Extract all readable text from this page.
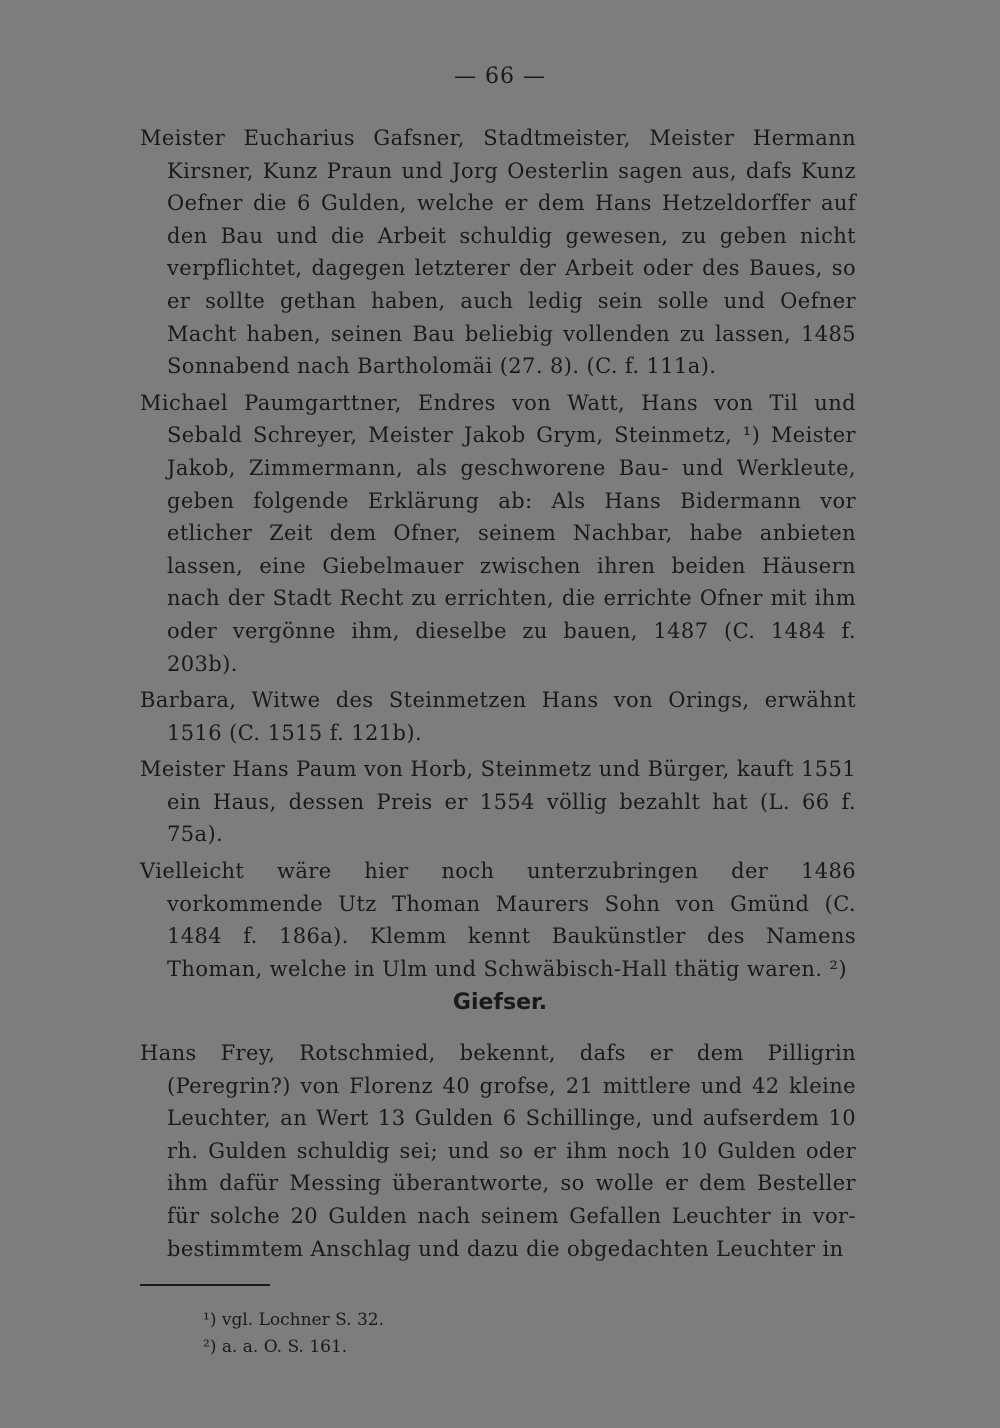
— 66 —

Meister Eucharius Gafsner, Stadtmeister, Meister Hermann Kirsner, Kunz Praun und Jorg Oesterlin sagen aus, dafs Kunz Oefner die 6 Gulden, welche er dem Hans Hetzeldorffer auf den Bau und die Arbeit schuldig gewesen, zu geben nicht verpflichtet, dagegen letzterer der Arbeit oder des Baues, so er sollte gethan haben, auch ledig sein solle und Oefner Macht haben, seinen Bau beliebig vollenden zu lassen, 1485 Sonnabend nach Bartholomäi (27. 8). (C. f. 111a).

Michael Paumgarttner, Endres von Watt, Hans von Til und Sebald Schreyer, Meister Jakob Grym, Steinmetz, ¹) Meister Jakob, Zimmermann, als geschworene Bau- und Werkleute, geben folgende Erklärung ab: Als Hans Bidermann vor etlicher Zeit dem Ofner, seinem Nachbar, habe anbieten lassen, eine Giebelmauer zwischen ihren beiden Häusern nach der Stadt Recht zu errichten, die errichte Ofner mit ihm oder vergönne ihm, dieselbe zu bauen, 1487 (C. 1484 f. 203b).

Barbara, Witwe des Steinmetzen Hans von Orings, erwähnt 1516 (C. 1515 f. 121b).

Meister Hans Paum von Horb, Steinmetz und Bürger, kauft 1551 ein Haus, dessen Preis er 1554 völlig bezahlt hat (L. 66 f. 75a).

Vielleicht wäre hier noch unterzubringen der 1486 vorkommende Utz Thoman Maurers Sohn von Gmünd (C. 1484 f. 186a). Klemm kennt Baukünstler des Namens Thoman, welche in Ulm und Schwäbisch-Hall thätig waren. ²)

Giefser.

Hans Frey, Rotschmied, bekennt, dafs er dem Pilligrin (Peregrin?) von Florenz 40 grofse, 21 mittlere und 42 kleine Leuchter, an Wert 13 Gulden 6 Schillinge, und aufserdem 10 rh. Gulden schuldig sei; und so er ihm noch 10 Gulden oder ihm dafür Messing überantworte, so wolle er dem Besteller für solche 20 Gulden nach seinem Gefallen Leuchter in vor- bestimmtem Anschlag und dazu die obgedachten Leuchter in

¹) vgl. Lochner S. 32.
²) a. a. O. S. 161.
